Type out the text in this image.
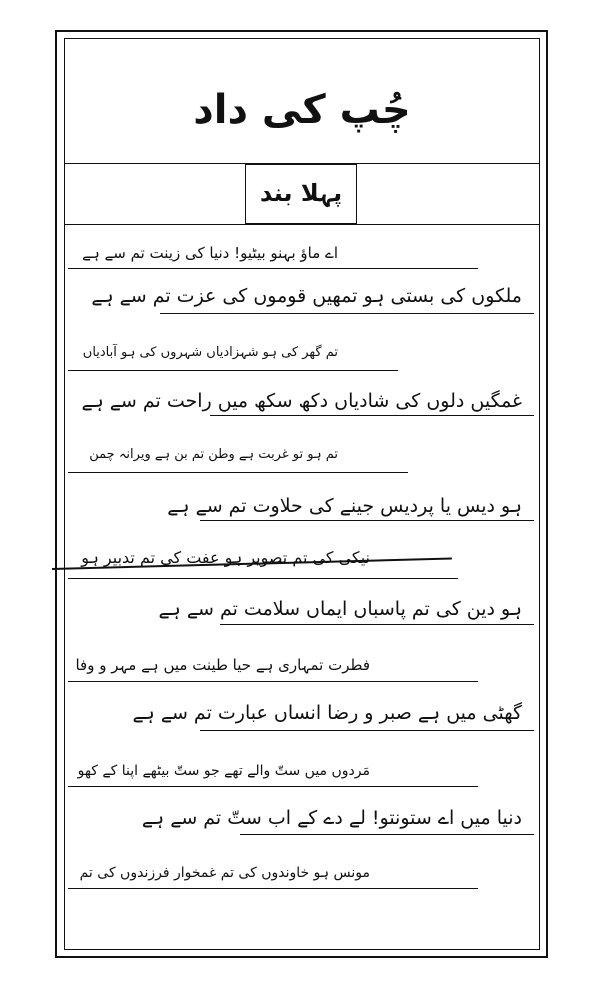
چُپ کی داد
پہلا بند
اے ماؤ بہنو بیٹیو! دنیا کی زینت تم سے ہے
ملکوں کی بستی ہو تمھیں قوموں کی عزت تم سے ہے
تم گھر کی ہو شہزادیاں شہروں کی ہو آبادیاں
غمگیں دلوں کی شادیاں دکھ سکھ میں راحت تم سے ہے
تم ہو تو غربت ہے وطن تم بن ہے ویرانہ چمن
ہو دیس یا پردیس جینے کی حلاوت تم سے ہے
نیکی کی تم تصویر ہو عفت کی تم تدبیر ہو
ہو دین کی تم پاسباں ایماں سلامت تم سے ہے
فطرت تمہاری ہے حیا طینت میں ہے مہر و وفا
گھٹی میں ہے صبر و رضا انساں عبارت تم سے ہے
مَردوں میں ستّ والے تھے جو ستّ بیٹھے اپنا کے کھو
دنیا میں اے ستونتو! لے دے کے اب ستّ تم سے ہے
مونس ہو خاوندوں کی تم غمخوار فرزندوں کی تم
